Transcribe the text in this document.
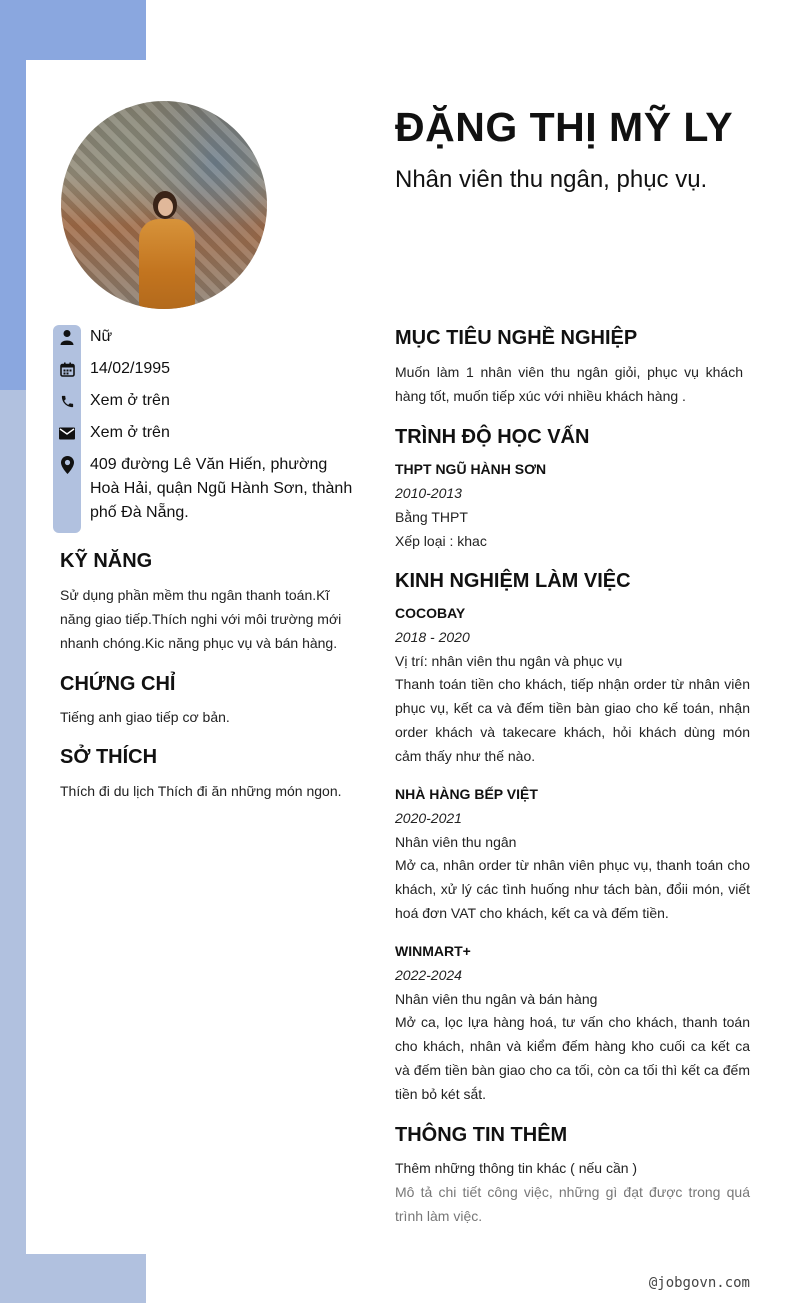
ĐẶNG THỊ MỸ LY
Nhân viên thu ngân, phục vụ.
Nữ
14/02/1995
Xem ở trên
Xem ở trên
409 đường Lê Văn Hiến, phường Hoà Hải, quận Ngũ Hành Sơn, thành phố Đà Nẵng.
KỸ NĂNG

Sử dụng phần mềm thu ngân thanh toán.Kĩ năng giao tiếp.Thích nghi với môi trường mới nhanh chóng.Kic năng phục vụ và bán hàng.

CHỨNG CHỈ

Tiếng anh giao tiếp cơ bản.

SỞ THÍCH

Thích đi du lịch Thích đi ăn những món ngon.

MỤC TIÊU NGHỀ NGHIỆP

Muốn làm 1 nhân viên thu ngân giỏi, phục vụ khách hàng tốt, muốn tiếp xúc với nhiều khách hàng .

TRÌNH ĐỘ HỌC VẤN

THPT NGŨ HÀNH SƠN

2010-2013

Bằng THPT

Xếp loại : khac

KINH NGHIỆM LÀM VIỆC

COCOBAY

2018 - 2020

Vị trí: nhân viên thu ngân và phục vụ

Thanh toán tiền cho khách, tiếp nhận order từ nhân viên phục vụ, kết ca và đếm tiền bàn giao cho kế toán, nhận order khách và takecare khách, hỏi khách dùng món cảm thấy như thế nào.

NHÀ HÀNG BẾP VIỆT

2020-2021

Nhân viên thu ngân

Mở ca, nhân order từ nhân viên phục vụ, thanh toán cho khách, xử lý các tình huống như tách bàn, đổii món, viết hoá đơn VAT cho khách, kết ca và đếm tiền.

WINMART+

2022-2024

Nhân viên thu ngân và bán hàng

Mở ca, lọc lựa hàng hoá, tư vấn cho khách, thanh toán cho khách, nhân và kiểm đếm hàng kho cuối ca kết ca và đếm tiền bàn giao cho ca tối, còn ca tối thì kết ca đếm tiền bỏ két sắt.

THÔNG TIN THÊM

Thêm những thông tin khác ( nếu cần )

Mô tả chi tiết công việc, những gì đạt được trong quá trình làm việc.

@jobgovn.com
